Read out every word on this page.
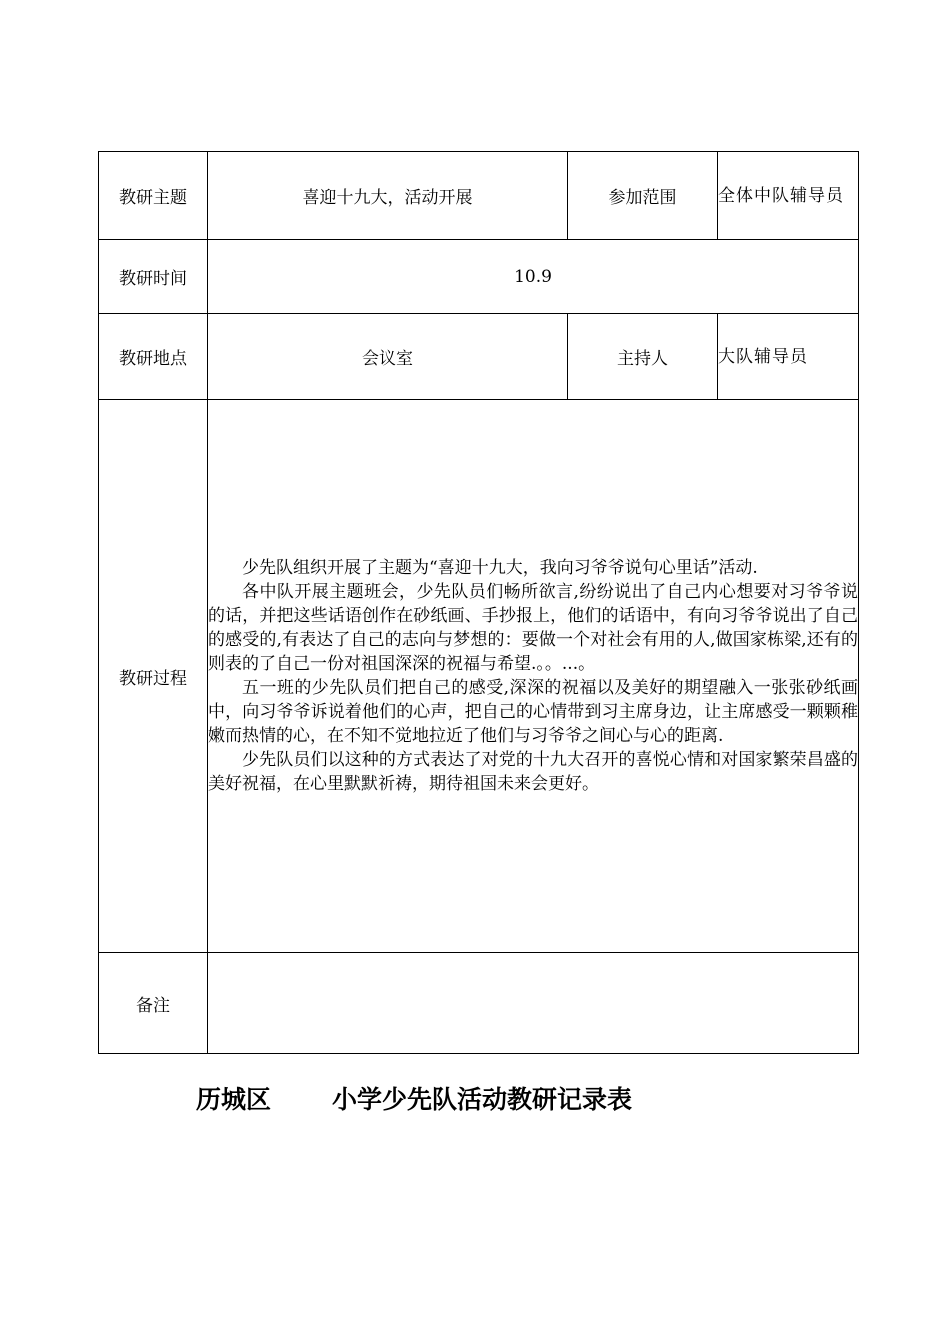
教研主题	喜迎十九大，活动开展	参加范围	全体中队辅导员
教研时间	10.9		
教研地点	会议室	主持人	大队辅导员
教研过程	少先队组织开展了主题为“喜迎十九大，我向习爷爷说句心里话”活动.

各中队开展主题班会，少先队员们畅所欲言,纷纷说出了自己内心想要对习爷爷说的话，并把这些话语创作在砂纸画、手抄报上，他们的话语中，有向习爷爷说出了自己的感受的,有表达了自己的志向与梦想的：要做一个对社会有用的人,做国家栋梁,还有的则表的了自己一份对祖国深深的祝福与希望.。。...。

五一班的少先队员们把自己的感受,深深的祝福以及美好的期望融入一张张砂纸画中，向习爷爷诉说着他们的心声，把自己的心情带到习主席身边，让主席感受一颗颗稚嫩而热情的心，在不知不觉地拉近了他们与习爷爷之间心与心的距离.

少先队员们以这种的方式表达了对党的十九大召开的喜悦心情和对国家繁荣昌盛的美好祝福，在心里默默祈祷，期待祖国未来会更好。		

备注			
历城区 小学少先队活动教研记录表
